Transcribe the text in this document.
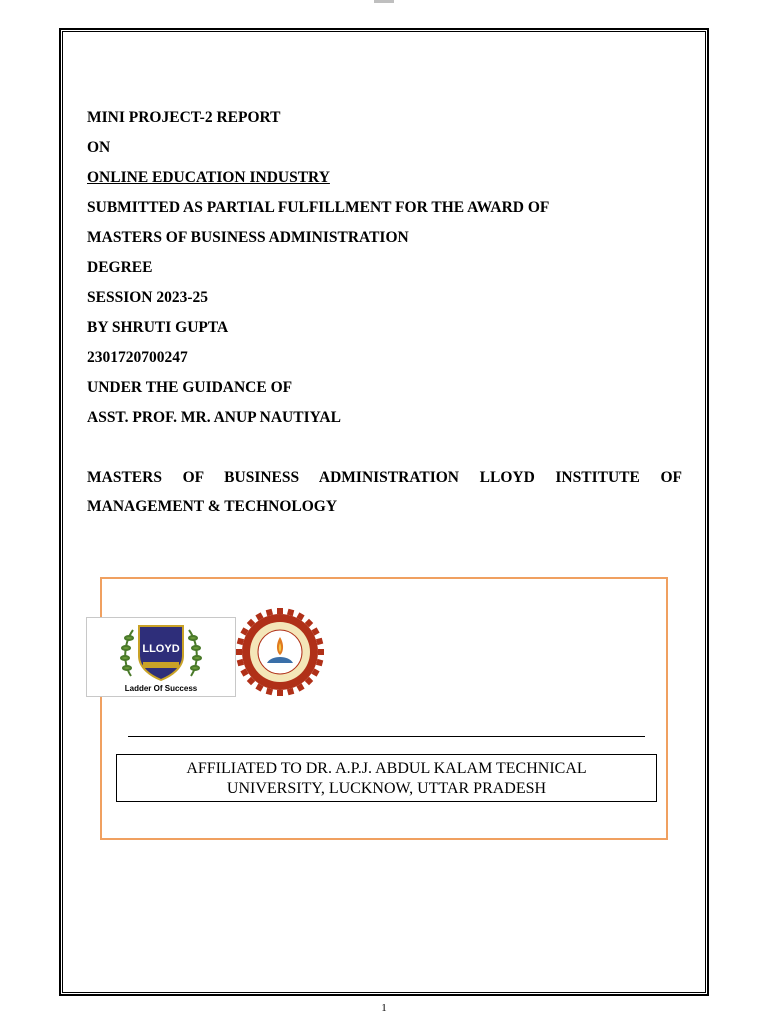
MINI PROJECT-2 REPORT
ON
ONLINE EDUCATION INDUSTRY
SUBMITTED AS PARTIAL FULFILLMENT FOR THE AWARD OF
MASTERS OF BUSINESS ADMINISTRATION
DEGREE
SESSION 2023-25
BY SHRUTI GUPTA
2301720700247
UNDER THE GUIDANCE OF
ASST. PROF. MR. ANUP NAUTIYAL
MASTERS OF BUSINESS ADMINISTRATION LLOYD INSTITUTE OF
MANAGEMENT & TECHNOLOGY
LLOYD
Ladder Of Success
AFFILIATED TO DR. A.P.J. ABDUL KALAM TECHNICAL
UNIVERSITY, LUCKNOW, UTTAR PRADESH
1
